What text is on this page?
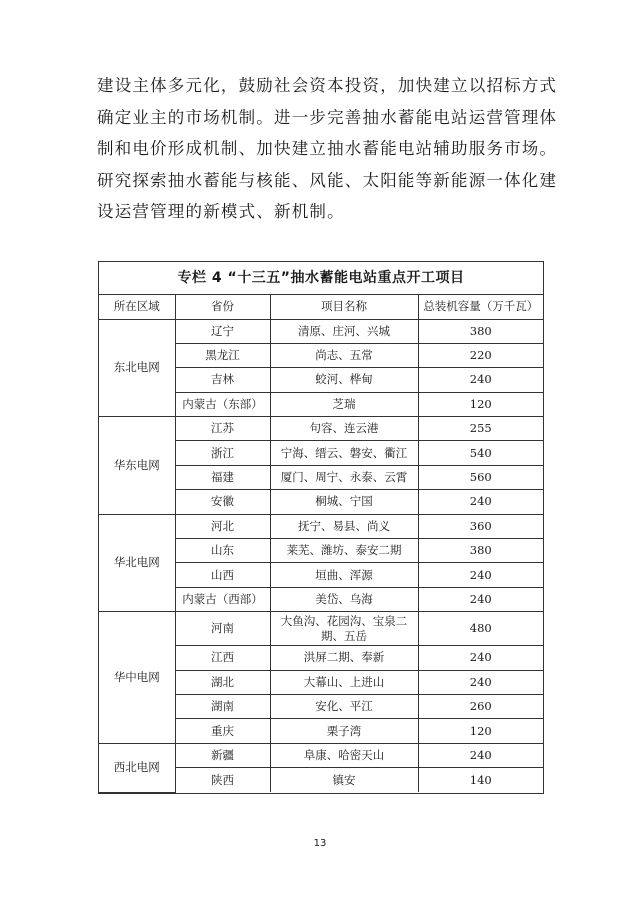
建设主体多元化，鼓励社会资本投资，加快建立以招标方式
确定业主的市场机制。进一步完善抽水蓄能电站运营管理体
制和电价形成机制、加快建立抽水蓄能电站辅助服务市场。
研究探索抽水蓄能与核能、风能、太阳能等新能源一体化建
设运营管理的新模式、新机制。
专栏 4 “十三五”抽水蓄能电站重点开工项目
所在区域	省份	项目名称	总装机容量（万千瓦）
东北电网	辽宁	清原、庄河、兴城	380
	黑龙江	尚志、五常	220
	吉林	蛟河、桦甸	240
	内蒙古（东部）	芝瑞	120
华东电网	江苏	句容、连云港	255
	浙江	宁海、缙云、磐安、衢江	540
	福建	厦门、周宁、永泰、云霄	560
	安徽	桐城、宁国	240
华北电网	河北	抚宁、易县、尚义	360
	山东	莱芜、潍坊、泰安二期	380
	山西	垣曲、浑源	240
	内蒙古（西部）	美岱、乌海	240
华中电网	河南	大鱼沟、花园沟、宝泉二期、五岳	480
	江西	洪屏二期、奉新	240
	湖北	大幕山、上进山	240
	湖南	安化、平江	260
	重庆	栗子湾	120
西北电网	新疆	阜康、哈密天山	240
	陕西	镇安	140
13
